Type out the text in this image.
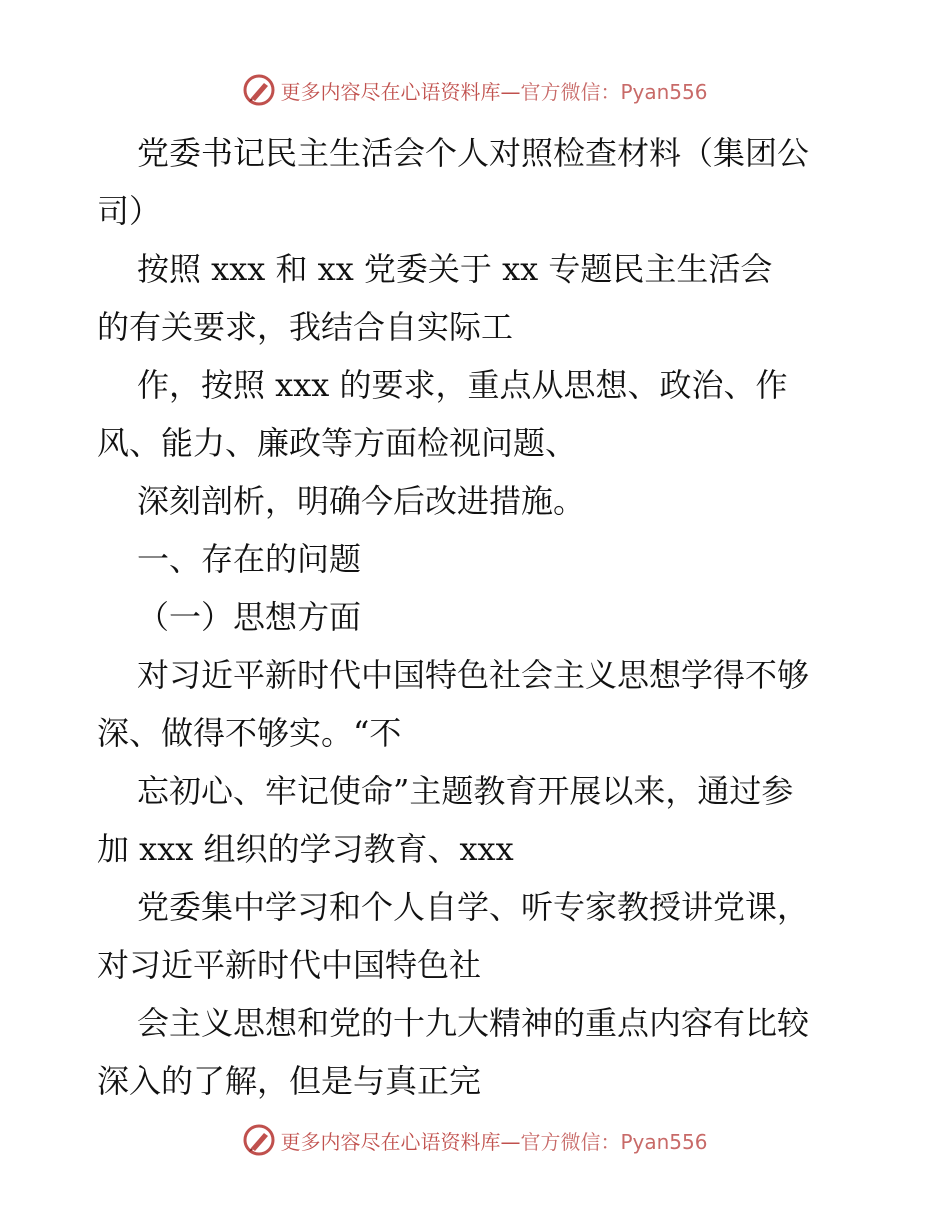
更多内容尽在心语资料库—官方微信：Pyan556
党委书记民主生活会个人对照检查材料（集团公
司）
按照 xxx 和 xx 党委关于 xx 专题民主生活会
的有关要求，我结合自实际工
作，按照 xxx 的要求，重点从思想、政治、作
风、能力、廉政等方面检视问题、
深刻剖析，明确今后改进措施。
一、存在的问题
（一）思想方面
对习近平新时代中国特色社会主义思想学得不够
深、做得不够实。“不
忘初心、牢记使命”主题教育开展以来，通过参
加 xxx 组织的学习教育、xxx
党委集中学习和个人自学、听专家教授讲党课，
对习近平新时代中国特色社
会主义思想和党的十九大精神的重点内容有比较
深入的了解，但是与真正完
更多内容尽在心语资料库—官方微信：Pyan556
